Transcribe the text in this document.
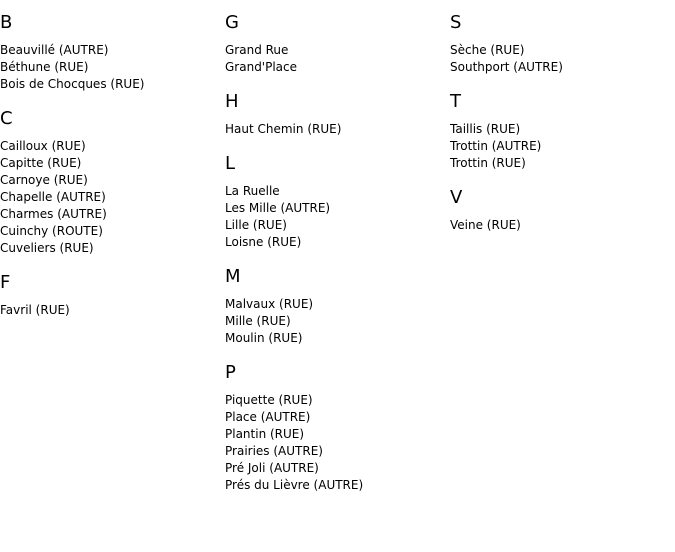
B
Beauvillé (AUTRE)
Béthune (RUE)
Bois de Chocques (RUE)
C
Cailloux (RUE)
Capitte (RUE)
Carnoye (RUE)
Chapelle (AUTRE)
Charmes (AUTRE)
Cuinchy (ROUTE)
Cuveliers (RUE)
F
Favril (RUE)
G
Grand Rue
Grand'Place
H
Haut Chemin (RUE)
L
La Ruelle
Les Mille (AUTRE)
Lille (RUE)
Loisne (RUE)
M
Malvaux (RUE)
Mille (RUE)
Moulin (RUE)
P
Piquette (RUE)
Place (AUTRE)
Plantin (RUE)
Prairies (AUTRE)
Pré Joli (AUTRE)
Prés du Lièvre (AUTRE)
S
Sèche (RUE)
Southport (AUTRE)
T
Taillis (RUE)
Trottin (AUTRE)
Trottin (RUE)
V
Veine (RUE)
